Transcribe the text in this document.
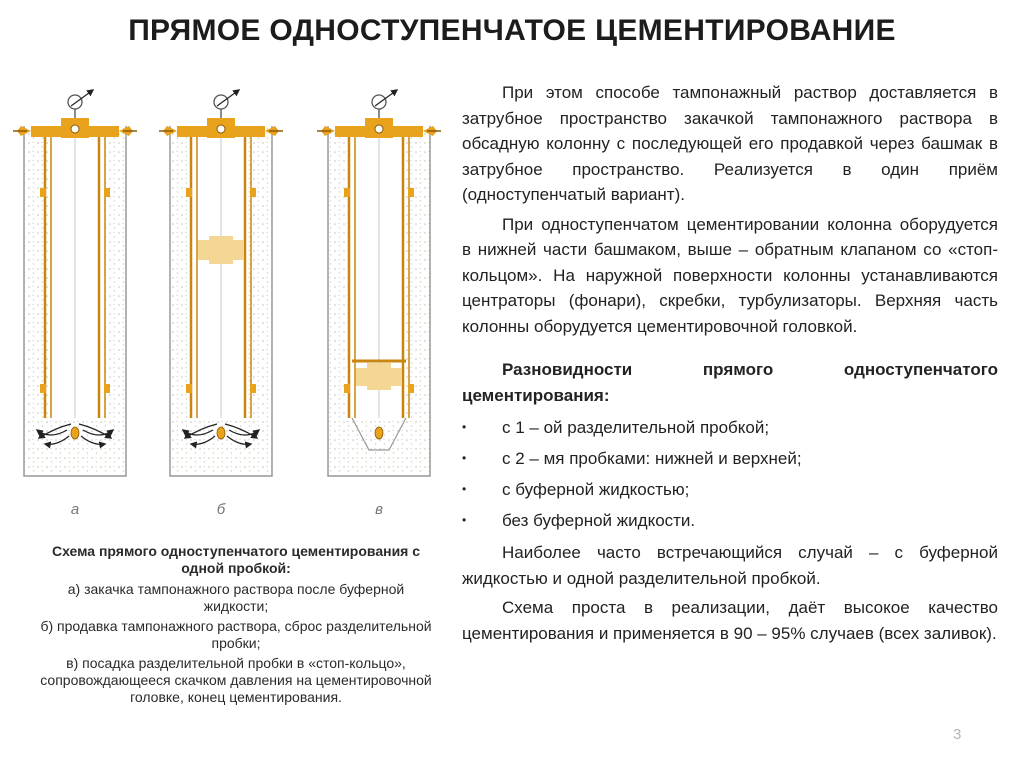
ПРЯМОЕ ОДНОСТУПЕНЧАТОЕ ЦЕМЕНТИРОВАНИЕ
а	б	в
Схема прямого одноступенчатого цементирования с одной пробкой:
а) закачка тампонажного раствора после буферной жидкости;
б) продавка тампонажного раствора, сброс разделительной пробки;
в) посадка разделительной пробки в «стоп-кольцо», сопровождающееся скачком давления на цементировочной головке, конец цементирования.

При этом способе тампонажный раствор доставляется в затрубное пространство закачкой тампонажного раствора в обсадную колонну с последующей его продавкой через башмак в затрубное пространство. Реализуется в один приём (одноступенчатый вариант).

При одноступенчатом цементировании колонна оборудуется в нижней части башмаком, выше – обратным клапаном со «стоп-кольцом». На наружной поверхности колонны устанавливаются центраторы (фонари), скребки, турбулизаторы. Верхняя часть колонны оборудуется цементировочной головкой.

Разновидности прямого одноступенчатого цементирования:
• с 1 – ой разделительной пробкой;
• с 2 – мя пробками: нижней и верхней;
• с буферной жидкостью;
• без буферной жидкости.

Наиболее часто встречающийся случай – с буферной жидкостью и одной разделительной пробкой.

Схема проста в реализации, даёт высокое качество цементирования и применяется в 90 – 95% случаев (всех заливок).

3
